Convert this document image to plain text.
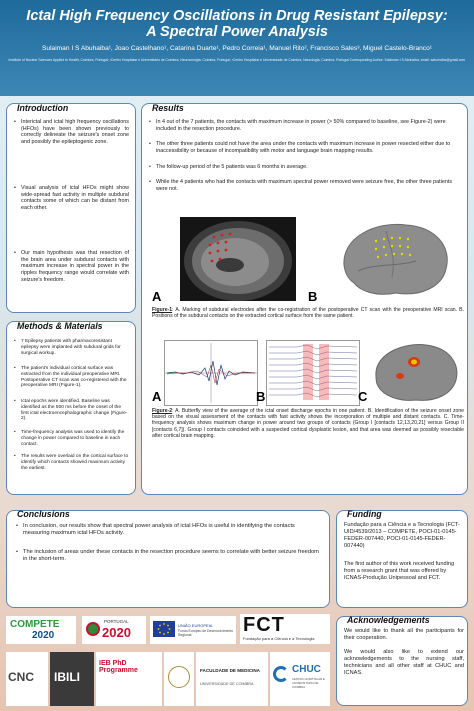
Ictal High Frequency Oscillations in Drug Resistant Epilepsy:
A Spectral Power Analysis
Sulaiman I S Abuhaiba¹, Joao Castelhano¹, Catarina Duarte¹, Pedro Correia¹, Manuel Rito², Francisco Sales³, Miguel Castelo-Branco¹
¹Institute of Nuclear Sciences Applied to Health, Coimbra, Portugal; ²Centro Hospitalar e Universitário de Coimbra, Neurocirurgia, Coimbra, Portugal; ³Centro Hospitalar e Universidade de Coimbra, Neurologia, Coimbra, Portugal Corresponding Author: Sulaiman I S Abuhaiba, email: sabuhaiba@gmail.com
Introduction
• Interictal and ictal high frequency oscillations (HFOs) have been shown previously to correctly delineate the seizure's onset zone and possibly the epileptogenic zone.
• Visual analysis of ictal HFOs might show wide-spread fast activity in multiple subdural contacts some of which can be distant from each other.
• Our main hypothesis was that resection of the brain area under subdural contacts with maximum increase in spectral power in the ripples frequency range would correlate with seizure's freedom.
Methods & Materials
• 7 Epilepsy patients with pharmacoresistant epilepsy were implanted with subdural grids for surgical workup.
• The patient's individual cortical surface was extracted from the individual preoperative MRI. Postoperative CT scan was co-registered with the preoperative MRI (Figure-1).
• Ictal epochs were identified. Baseline was identified as the 500 ms before the onset of the first ictal electroencephalographic change (Figure-2).
• Time-frequency analysis was used to identify the change in power compared to baseline in each contact.
• The results were overlaid on the cortical surface to identify which contacts showed maximum activity the earliest.
Results
• In 4 out of the 7 patients, the contacts with maximum increase in power (> 50% compared to baseline, see Figure-2) were included in the resection procedure.
• The other three patients could not have the area under the contacts with maximum increase in power resected either due to inaccessibility or because of incompatibility with motor and language brain mapping results.
• The follow-up period of the 5 patients was 6 months in average.
• While the 4 patients who had the contacts with maximum spectral power removed were seizure free, the other three patients were not.
A	B
Figure-1: A. Marking of subdural electrodes after the co-registration of the postoperative CT scan with the preoperative MRI scan. B. Positions of the subdural contacts on the extracted cortical surface from the same patient.
A	B	C
Figure-2: A. Butterfly view of the average of the ictal onset discharge epochs in one patient. B. Identification of the seizure onset zone based on the visual assessment of the contacts with fast activity shows the incorporation of multiple and distant contacts. C. Time-frequency analysis shows maximum change in power around two groups of contacts (Group I [contacts 12,13,20,21] versus Group II [contacts 6,7]). Group I contacts coincided with a suspected cortical dysplastic lesion, and that area was deemed as possibly resectable after cortical brain mapping.
Conclusions
• In conclusion, our results show that spectral power analysis of ictal HFOs is useful in identifying the contacts measuring maximum ictal HFOs activity.
• The inclusion of areas under these contacts in the resection procedure seems to correlate with better seizure freedom in the short-term.
Funding
Fundação para a Ciência e a Tecnologia (FCT-UID/4539/2013 – COMPETE, POCI-01-0145-FEDER-007440, POCI-01-0145-FEDER-007440)
The first author of this work received funding from a research grant that was offered by ICNAS-Produção Unipessoal and FCT.
Acknowledgements
We would like to thank all the participants for their cooperation.
We would also like to extend our acknowledgements to the nursing staff, technicians and all other staff at CHUC and ICNAS.
COMPETE
2020
PORTUGAL
2020	UNIÃO EUROPEIA
Fundo Europeu de Desenvolvimento Regional	FCT
Fundação para a Ciência e a Tecnologia
CNC IBILI
IEB PhD Programme	FACULDADE DE MEDICINA
UNIVERSIDADE DE COIMBRA
CHUC
CENTRO HOSPITALAR E UNIVERSITÁRIO DE COIMBRA
